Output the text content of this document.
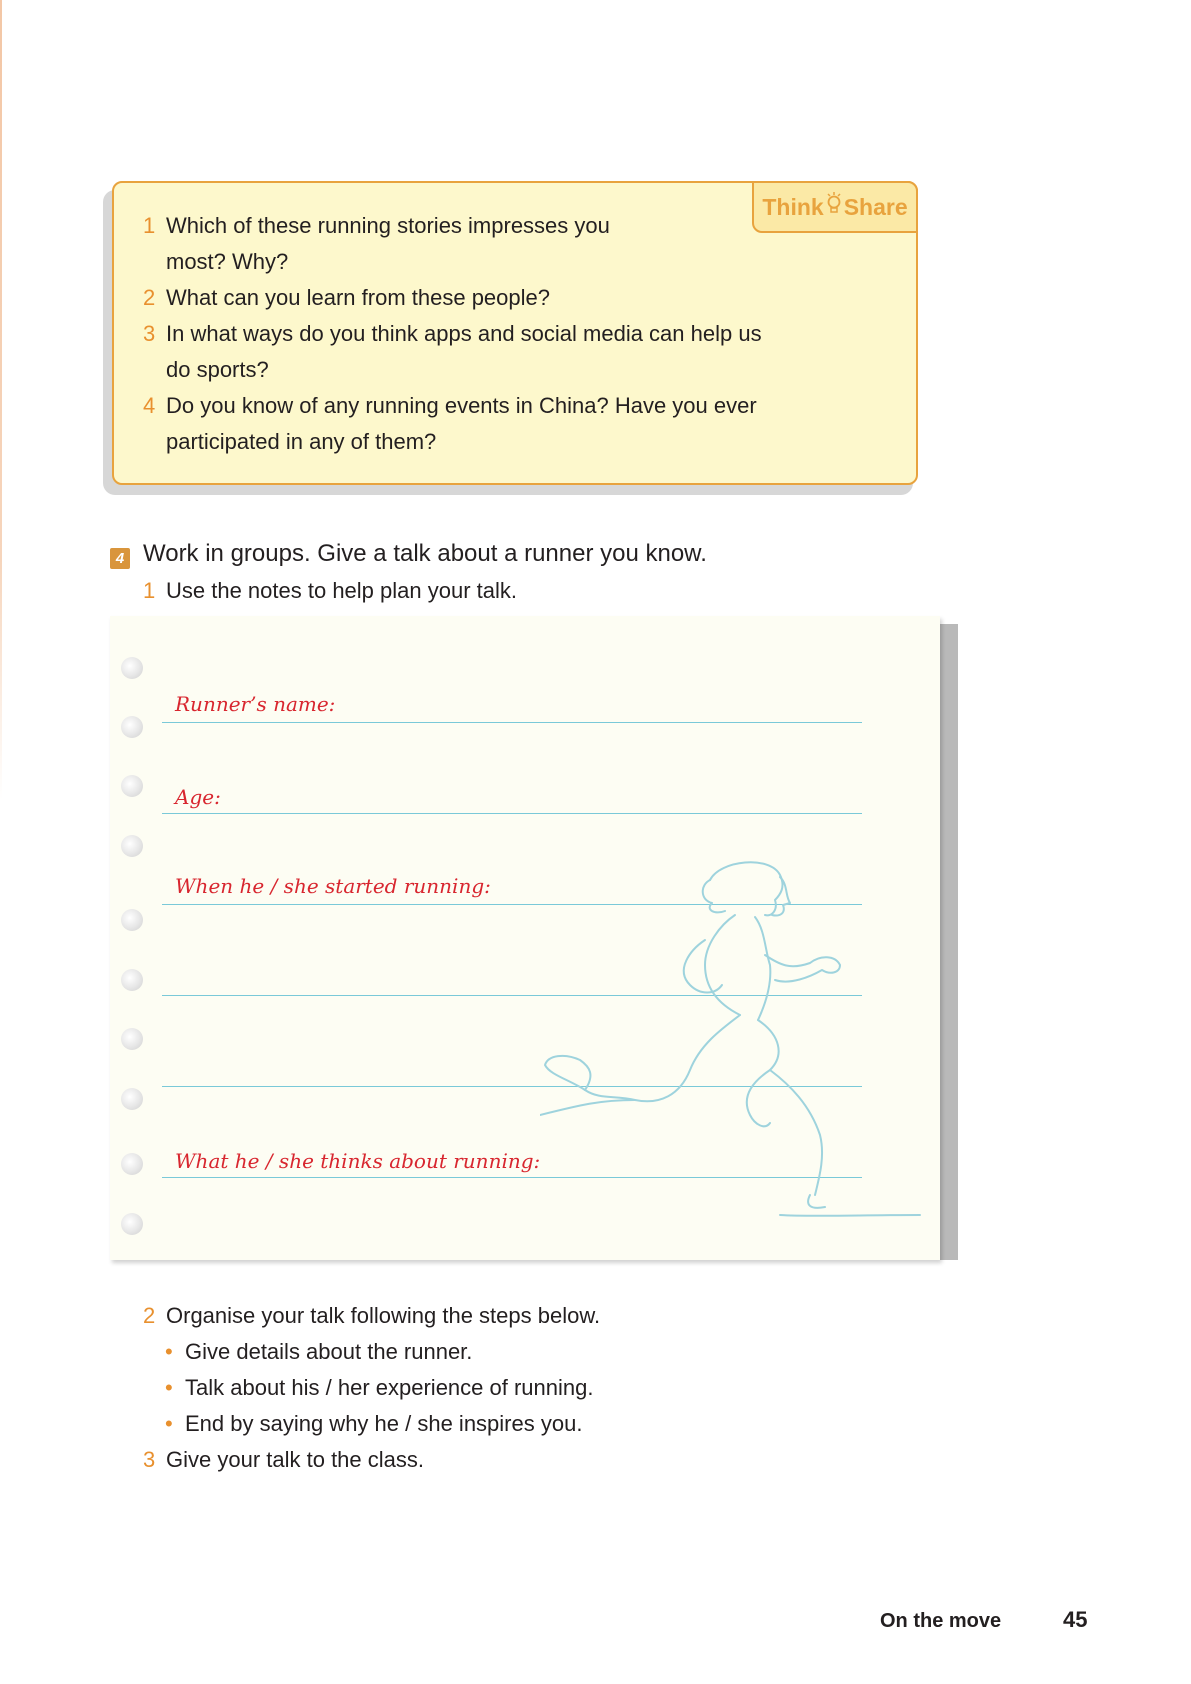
Think Share
1 Which of these running stories impresses you
most? Why?
2 What can you learn from these people?
3 In what ways do you think apps and social media can help us
do sports?
4 Do you know of any running events in China? Have you ever
participated in any of them?
4 Work in groups. Give a talk about a runner you know.
1 Use the notes to help plan your talk.
Runner’s name:
Age:
When he / she started running:
What he / she thinks about running:
2 Organise your talk following the steps below.
• Give details about the runner.
• Talk about his / her experience of running.
• End by saying why he / she inspires you.
3 Give your talk to the class.
On the move	45
